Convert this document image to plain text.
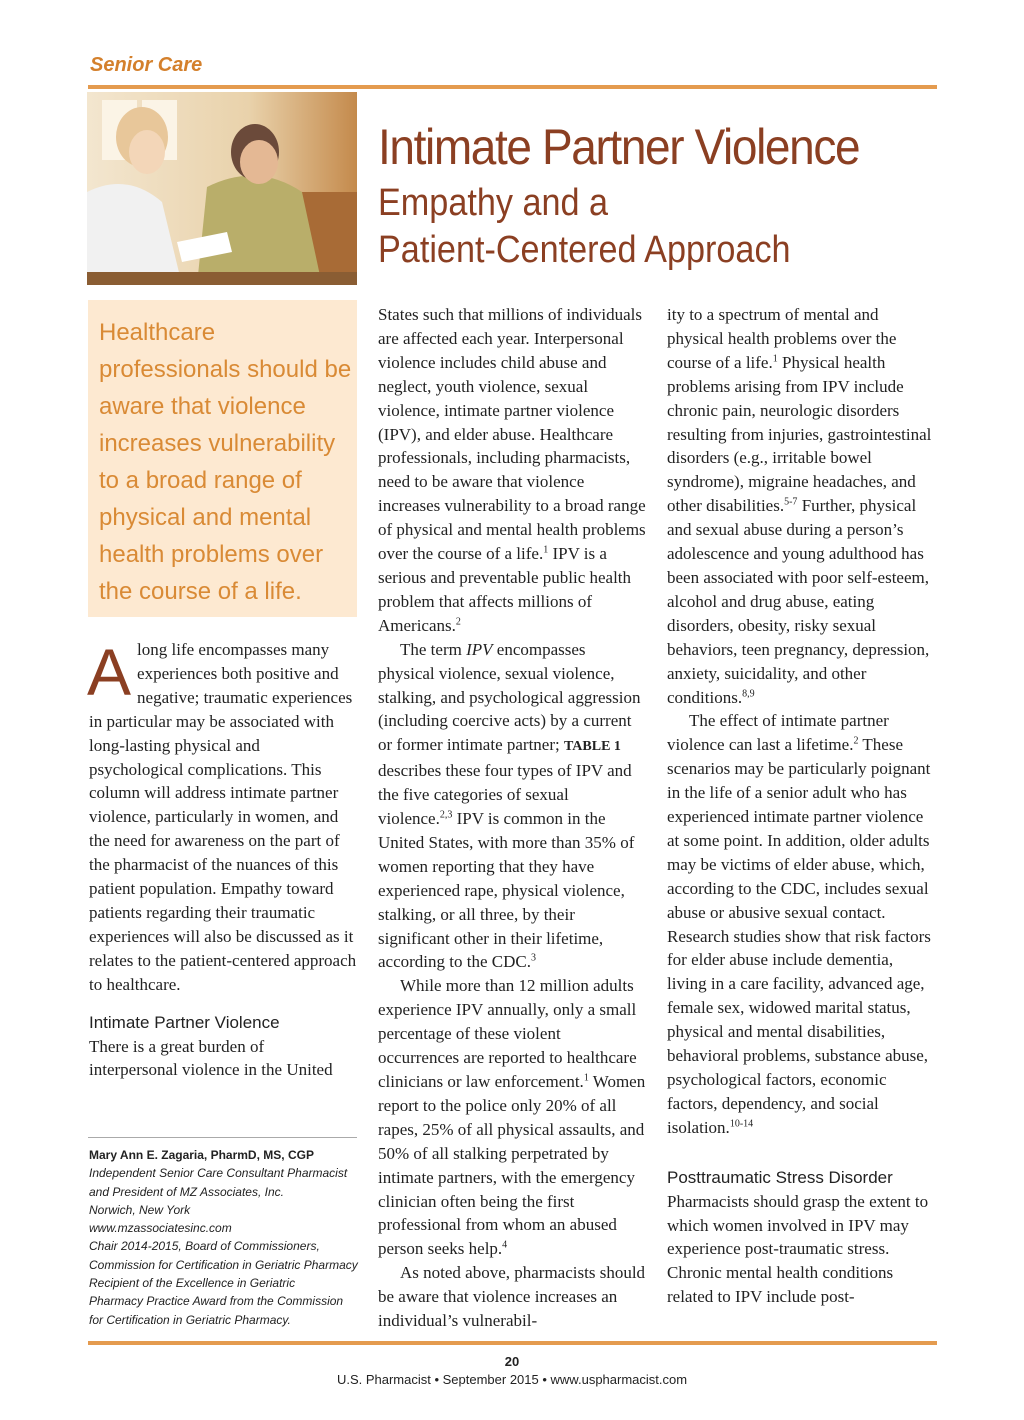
Senior Care
Intimate Partner Violence
Empathy and a
Patient-Centered Approach
Healthcare professionals should be aware that violence increases vulnerability to a broad range of physical and mental health problems over the course of a life.

Along life encompasses many experiences both positive and negative; traumatic experiences in particular may be associated with long-lasting physical and psychological complications. This column will address intimate partner violence, particularly in women, and the need for awareness on the part of the pharmacist of the nuances of this patient population. Empathy toward patients regarding their traumatic experiences will also be discussed as it relates to the patient-centered approach to healthcare.

Intimate Partner Violence

There is a great burden of interpersonal violence in the United

Mary Ann E. Zagaria, PharmD, MS, CGP
Independent Senior Care Consultant Pharmacist
and President of MZ Associates, Inc.
Norwich, New York
www.mzassociatesinc.com
Chair 2014-2015, Board of Commissioners,
Commission for Certification in Geriatric Pharmacy
Recipient of the Excellence in Geriatric
Pharmacy Practice Award from the Commission
for Certification in Geriatric Pharmacy.

States such that millions of individuals are affected each year. Interpersonal violence includes child abuse and neglect, youth violence, sexual violence, intimate partner violence (IPV), and elder abuse. Healthcare professionals, including pharmacists, need to be aware that violence increases vulnerability to a broad range of physical and mental health problems over the course of a life.$^1$ IPV is a serious and preventable public health problem that affects millions of Americans.$^2$

The term IPV encompasses physical violence, sexual violence, stalking, and psychological aggression (including coercive acts) by a current or former intimate partner; TABLE 1 describes these four types of IPV and the five categories of sexual violence.$^{2,3}$ IPV is common in the United States, with more than 35% of women reporting that they have experienced rape, physical violence, stalking, or all three, by their significant other in their lifetime, according to the CDC.$^3$

While more than 12 million adults experience IPV annually, only a small percentage of these violent occurrences are reported to healthcare clinicians or law enforcement.$^1$ Women report to the police only 20% of all rapes, 25% of all physical assaults, and 50% of all stalking perpetrated by intimate partners, with the emergency clinician often being the first professional from whom an abused person seeks help.$^4$

As noted above, pharmacists should be aware that violence increases an individual’s vulnerabil-

ity to a spectrum of mental and physical health problems over the course of a life.$^1$ Physical health problems arising from IPV include chronic pain, neurologic disorders resulting from injuries, gastrointestinal disorders (e.g., irritable bowel syndrome), migraine headaches, and other disabilities.$^{5-7}$ Further, physical and sexual abuse during a person’s adolescence and young adulthood has been associated with poor self-esteem, alcohol and drug abuse, eating disorders, obesity, risky sexual behaviors, teen pregnancy, depression, anxiety, suicidality, and other conditions.$^{8,9}$

The effect of intimate partner violence can last a lifetime.$^2$ These scenarios may be particularly poignant in the life of a senior adult who has experienced intimate partner violence at some point. In addition, older adults may be victims of elder abuse, which, according to the CDC, includes sexual abuse or abusive sexual contact. Research studies show that risk factors for elder abuse include dementia, living in a care facility, advanced age, female sex, widowed marital status, physical and mental disabilities, behavioral problems, substance abuse, psychological factors, economic factors, dependency, and social isolation.$^{10-14}$

Posttraumatic Stress Disorder

Pharmacists should grasp the extent to which women involved in IPV may experience post-traumatic stress. Chronic mental health conditions related to IPV include post-

20
U.S. Pharmacist • September 2015 • www.uspharmacist.com
